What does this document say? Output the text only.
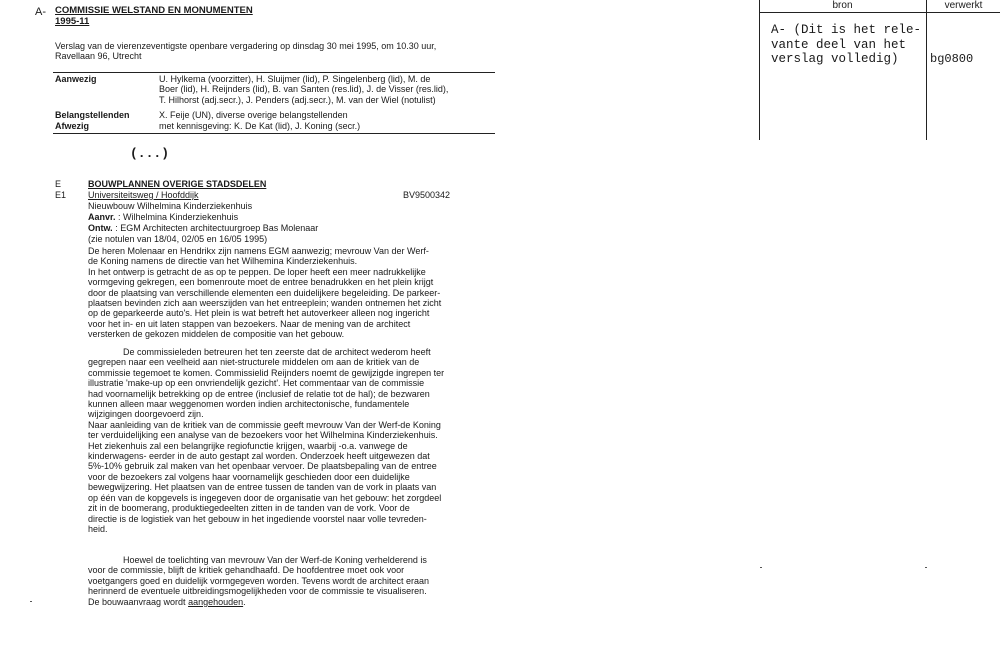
A- COMMISSIE WELSTAND EN MONUMENTEN
1995-11
Verslag van de vierenzeventigste openbare vergadering op dinsdag 30 mei 1995, om 10.30 uur,
Ravellaan 96, Utrecht
Aanwezig	U. Hylkema (voorzitter), H. Sluijmer (lid), P. Singelenberg (lid), M. de
Boer (lid), H. Reijnders (lid), B. van Santen (res.lid), J. de Visser (res.lid),
T. Hilhorst (adj.secr.), J. Penders (adj.secr.), M. van der Wiel (notulist)
Belangstellenden	X. Feije (UN), diverse overige belangstellenden
Afwezig	met kennisgeving: K. De Kat (lid), J. Koning (secr.)
(...)
E	BOUWPLANNEN OVERIGE STADSDELEN
E1 Universiteitsweg / Hoofddijk	BV9500342
Nieuwbouw Wilhelmina Kinderziekenhuis
Aanvr. : Wilhelmina Kinderziekenhuis
Ontw. : EGM Architecten architectuurgroep Bas Molenaar
(zie notulen van 18/04, 02/05 en 16/05 1995)
De heren Molenaar en Hendrikx zijn namens EGM aanwezig; mevrouw Van der Werf-
de Koning namens de directie van het Wilhemina Kinderziekenhuis.
In het ontwerp is getracht de as op te peppen. De loper heeft een meer nadrukkelijke
vormgeving gekregen, een bomenroute moet de entree benadrukken en het plein krijgt
door de plaatsing van verschillende elementen een duidelijkere begeleiding. De parkeer-
plaatsen bevinden zich aan weerszijden van het entreeplein; wanden ontnemen het zicht
op de geparkeerde auto's. Het plein is wat betreft het autoverkeer alleen nog ingericht
voor het in- en uit laten stappen van bezoekers. Naar de mening van de architect
versterken de gekozen middelen de compositie van het gebouw.
De commissieleden betreuren het ten zeerste dat de architect wederom heeft
gegrepen naar een veelheid aan niet-structurele middelen om aan de kritiek van de
commissie tegemoet te komen. Commissielid Reijnders noemt de gewijzigde ingrepen ter
illustratie 'make-up op een onvriendelijk gezicht'. Het commentaar van de commissie
had voornamelijk betrekking op de entree (inclusief de relatie tot de hal); de bezwaren
kunnen alleen maar weggenomen worden indien architectonische, fundamentele
wijzigingen doorgevoerd zijn.
Naar aanleiding van de kritiek van de commissie geeft mevrouw Van der Werf-de Koning
ter verduidelijking een analyse van de bezoekers voor het Wilhelmina Kinderziekenhuis.
Het ziekenhuis zal een belangrijke regiofunctie krijgen, waarbij -o.a. vanwege de
kinderwagens- eerder in de auto gestapt zal worden. Onderzoek heeft uitgewezen dat
5%-10% gebruik zal maken van het openbaar vervoer. De plaatsbepaling van de entree
voor de bezoekers zal volgens haar voornamelijk geschieden door een duidelijke
bewegwijzering. Het plaatsen van de entree tussen de tanden van de vork in plaats van
op één van de kopgevels is ingegeven door de organisatie van het gebouw: het zorgdeel
zit in de boomerang, produktiegedeelten zitten in de tanden van de vork. Voor de
directie is de logistiek van het gebouw in het ingediende voorstel naar volle tevreden-
heid.
Hoewel de toelichting van mevrouw Van der Werf-de Koning verhelderend is
voor de commissie, blijft de kritiek gehandhaafd. De hoofdentree moet ook voor
voetgangers goed en duidelijk vormgegeven worden. Tevens wordt de architect eraan
herinnerd de eventuele uitbreidingsmogelijkheden voor de commissie te visualiseren.
De bouwaanvraag wordt aangehouden.
bron	verwerkt
A- (Dit is het rele-
vante deel van het
verslag volledig)	bg0800
